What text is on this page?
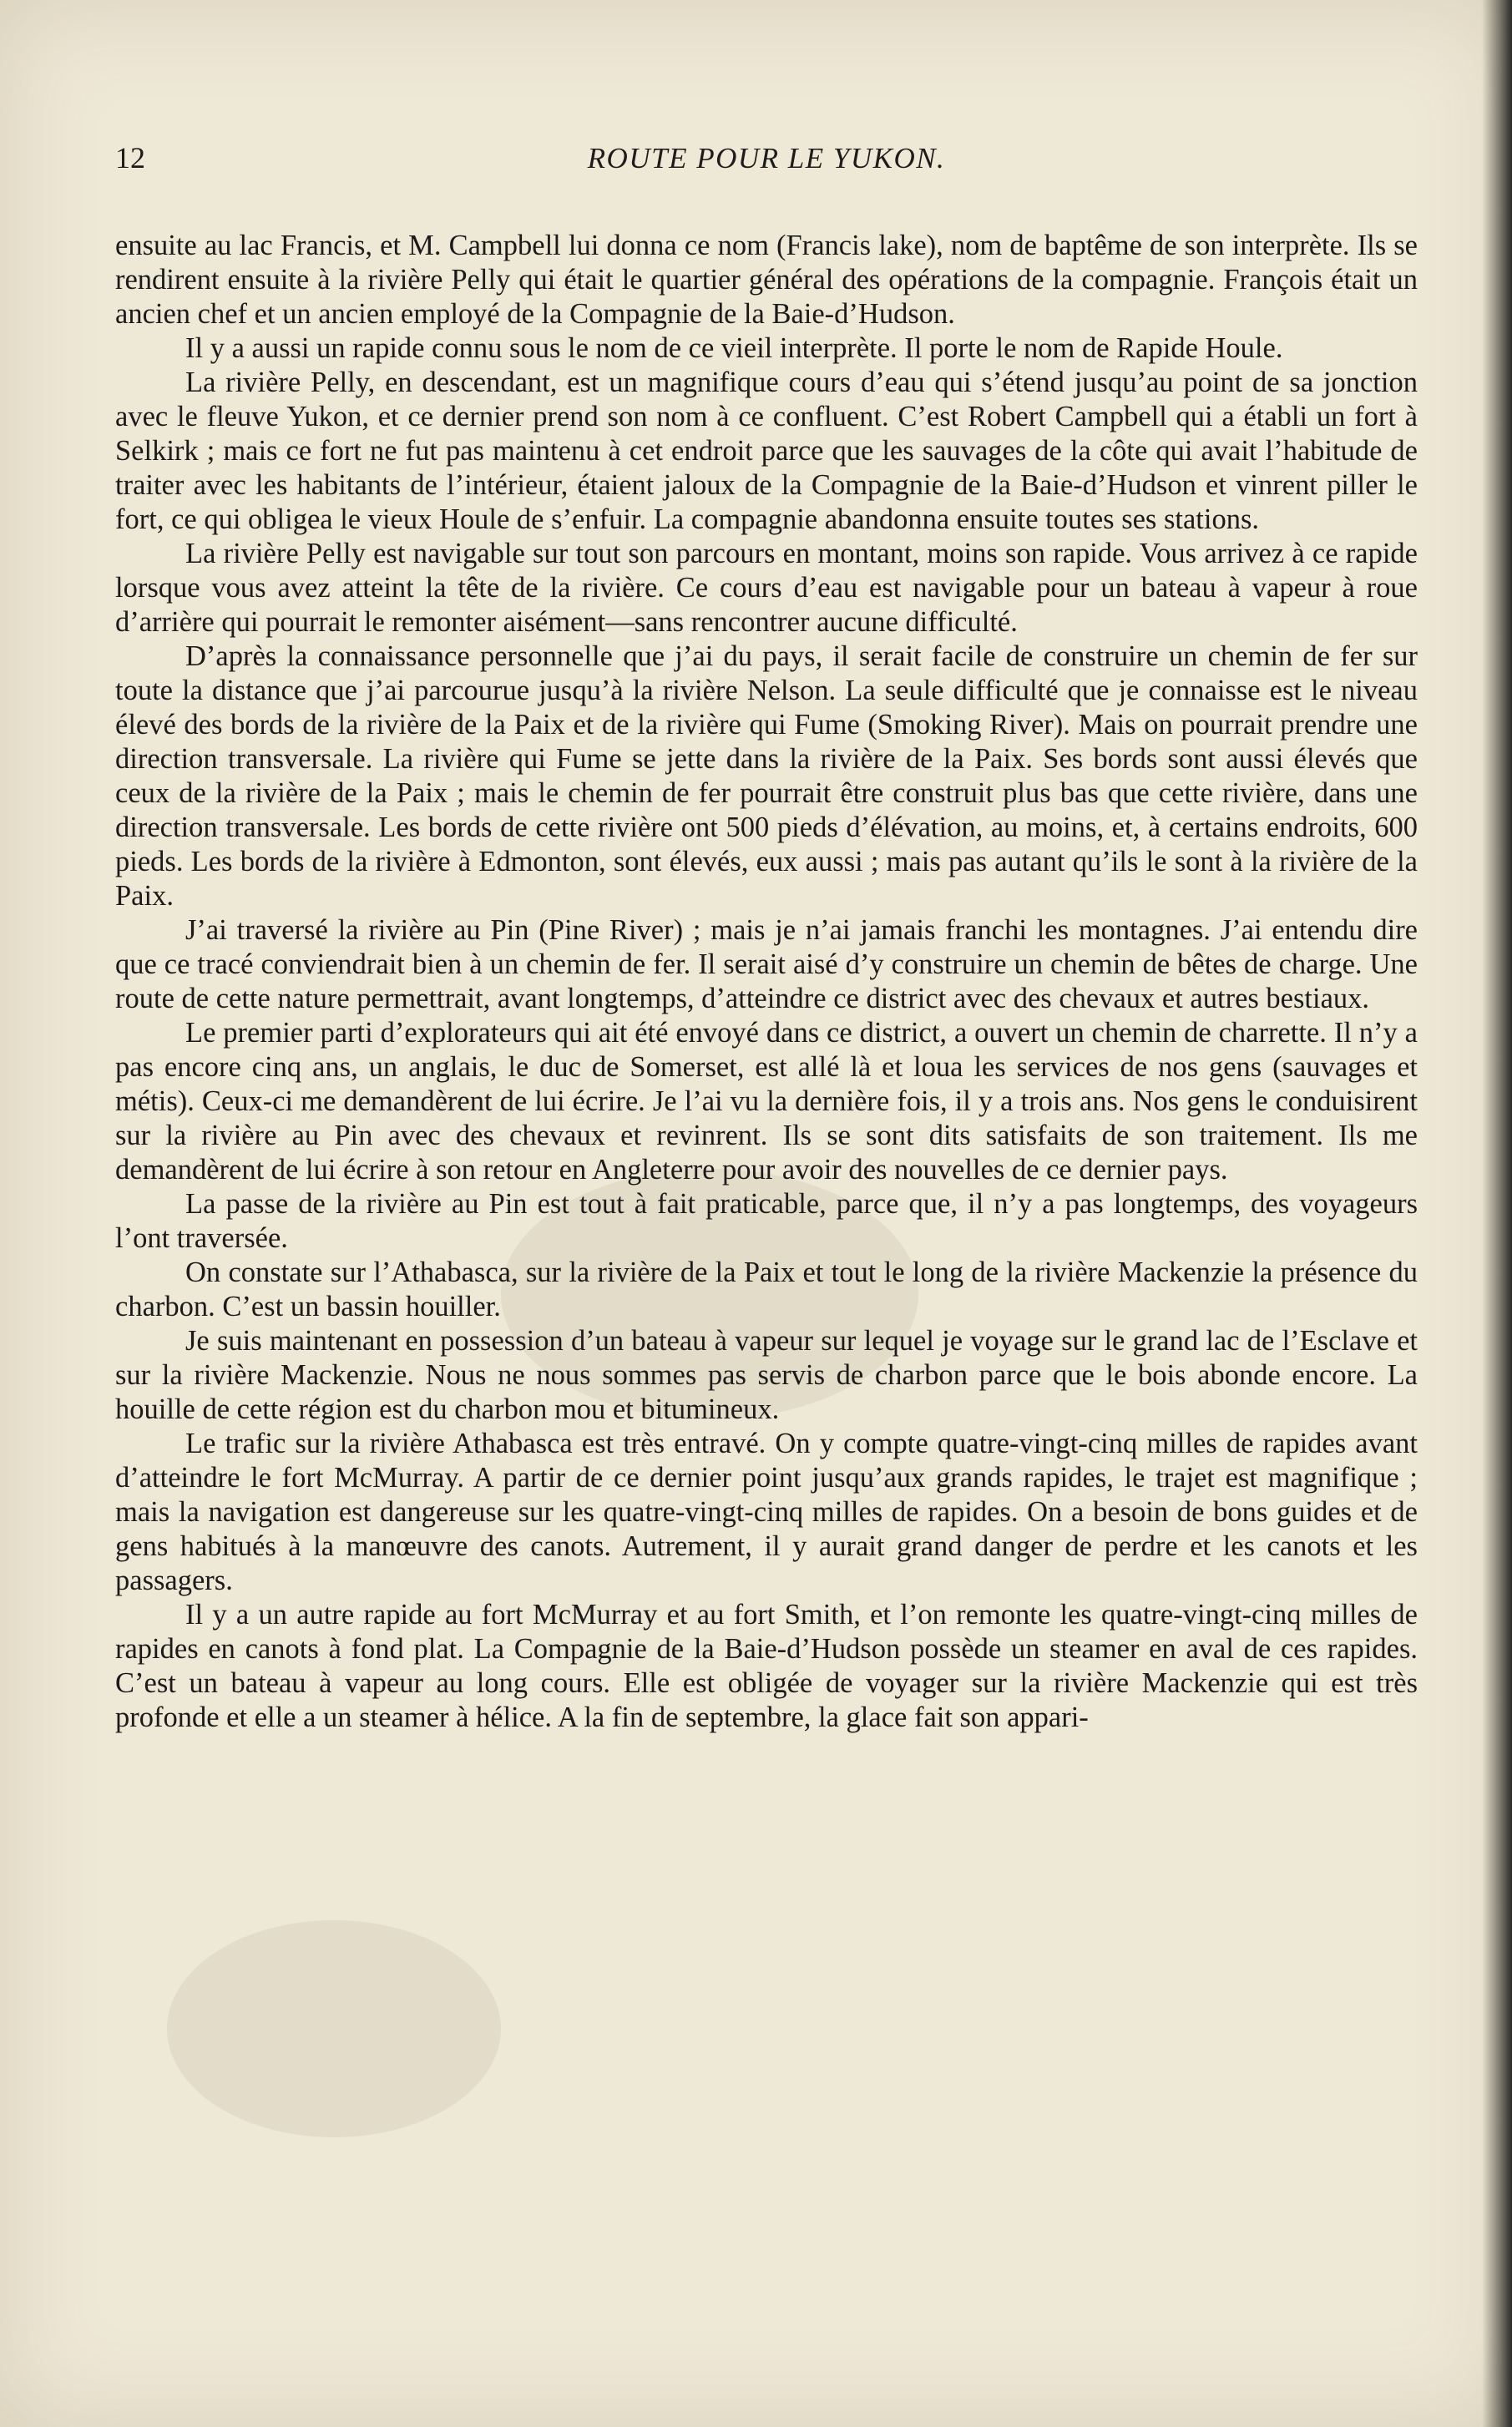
12	ROUTE POUR LE YUKON.

ensuite au lac Francis, et M. Campbell lui donna ce nom (Francis lake), nom de baptême de son interprète. Ils se rendirent ensuite à la rivière Pelly qui était le quartier général des opérations de la compagnie. François était un ancien chef et un ancien employé de la Compagnie de la Baie-d’Hudson.

Il y a aussi un rapide connu sous le nom de ce vieil interprète. Il porte le nom de Rapide Houle.

La rivière Pelly, en descendant, est un magnifique cours d’eau qui s’étend jusqu’au point de sa jonction avec le fleuve Yukon, et ce dernier prend son nom à ce confluent. C’est Robert Campbell qui a établi un fort à Selkirk ; mais ce fort ne fut pas maintenu à cet endroit parce que les sauvages de la côte qui avait l’habitude de traiter avec les habitants de l’intérieur, étaient jaloux de la Compagnie de la Baie-d’Hudson et vinrent piller le fort, ce qui obligea le vieux Houle de s’enfuir. La compagnie abandonna ensuite toutes ses stations.

La rivière Pelly est navigable sur tout son parcours en montant, moins son rapide. Vous arrivez à ce rapide lorsque vous avez atteint la tête de la rivière. Ce cours d’eau est navigable pour un bateau à vapeur à roue d’arrière qui pourrait le remonter aisément—sans rencontrer aucune difficulté.

D’après la connaissance personnelle que j’ai du pays, il serait facile de construire un chemin de fer sur toute la distance que j’ai parcourue jusqu’à la rivière Nelson. La seule difficulté que je connaisse est le niveau élevé des bords de la rivière de la Paix et de la rivière qui Fume (Smoking River). Mais on pourrait prendre une direction transversale. La rivière qui Fume se jette dans la rivière de la Paix. Ses bords sont aussi élevés que ceux de la rivière de la Paix ; mais le chemin de fer pourrait être construit plus bas que cette rivière, dans une direction transversale. Les bords de cette rivière ont 500 pieds d’élévation, au moins, et, à certains endroits, 600 pieds. Les bords de la rivière à Edmonton, sont élevés, eux aussi ; mais pas autant qu’ils le sont à la rivière de la Paix.

J’ai traversé la rivière au Pin (Pine River) ; mais je n’ai jamais franchi les montagnes. J’ai entendu dire que ce tracé conviendrait bien à un chemin de fer. Il serait aisé d’y construire un chemin de bêtes de charge. Une route de cette nature permettrait, avant longtemps, d’atteindre ce district avec des chevaux et autres bestiaux.

Le premier parti d’explorateurs qui ait été envoyé dans ce district, a ouvert un chemin de charrette. Il n’y a pas encore cinq ans, un anglais, le duc de Somerset, est allé là et loua les services de nos gens (sauvages et métis). Ceux-ci me demandèrent de lui écrire. Je l’ai vu la dernière fois, il y a trois ans. Nos gens le conduisirent sur la rivière au Pin avec des chevaux et revinrent. Ils se sont dits satisfaits de son traitement. Ils me demandèrent de lui écrire à son retour en Angleterre pour avoir des nouvelles de ce dernier pays.

La passe de la rivière au Pin est tout à fait praticable, parce que, il n’y a pas longtemps, des voyageurs l’ont traversée.

On constate sur l’Athabasca, sur la rivière de la Paix et tout le long de la rivière Mackenzie la présence du charbon. C’est un bassin houiller.

Je suis maintenant en possession d’un bateau à vapeur sur lequel je voyage sur le grand lac de l’Esclave et sur la rivière Mackenzie. Nous ne nous sommes pas servis de charbon parce que le bois abonde encore. La houille de cette région est du charbon mou et bitumineux.

Le trafic sur la rivière Athabasca est très entravé. On y compte quatre-vingt-cinq milles de rapides avant d’atteindre le fort McMurray. A partir de ce dernier point jusqu’aux grands rapides, le trajet est magnifique ; mais la navigation est dangereuse sur les quatre-vingt-cinq milles de rapides. On a besoin de bons guides et de gens habitués à la manœuvre des canots. Autrement, il y aurait grand danger de perdre et les canots et les passagers.

Il y a un autre rapide au fort McMurray et au fort Smith, et l’on remonte les quatre-vingt-cinq milles de rapides en canots à fond plat. La Compagnie de la Baie-d’Hudson possède un steamer en aval de ces rapides. C’est un bateau à vapeur au long cours. Elle est obligée de voyager sur la rivière Mackenzie qui est très profonde et elle a un steamer à hélice. A la fin de septembre, la glace fait son appari-
